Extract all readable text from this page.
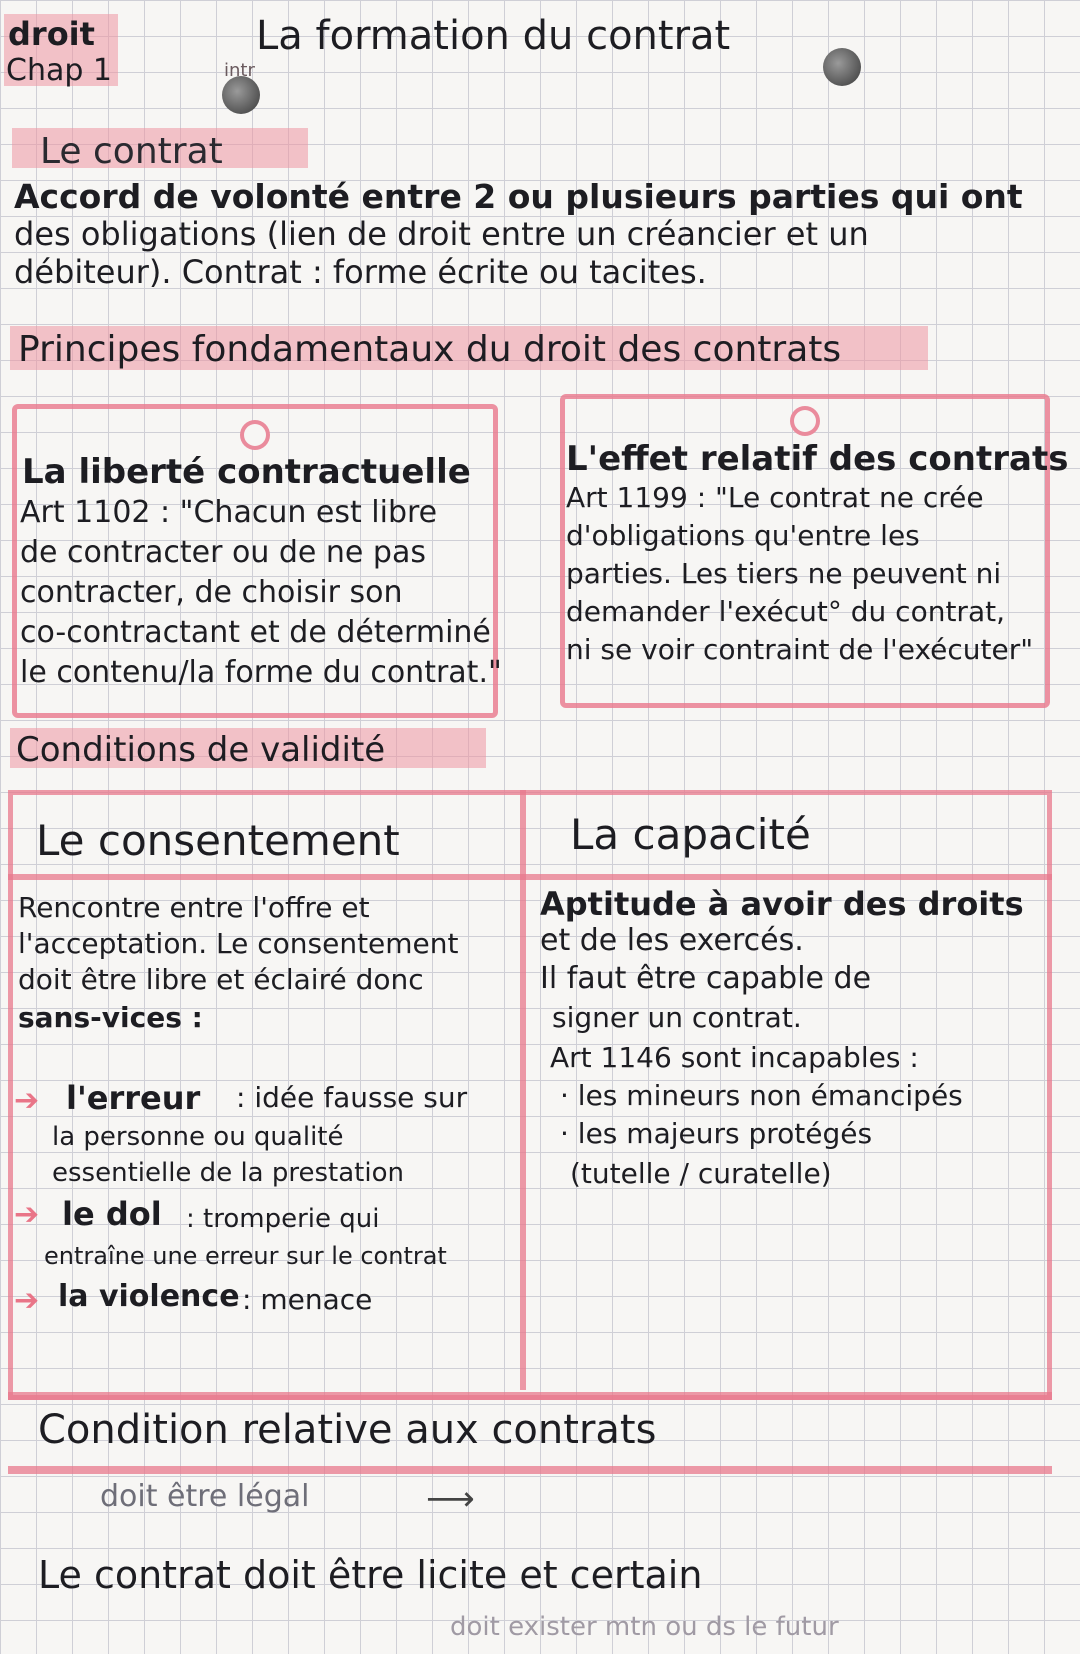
droit
Chap 1
La formation du contrat
intr
Le contrat
Accord de volonté entre 2 ou plusieurs parties qui ont
des obligations (lien de droit entre un créancier et un
débiteur). Contrat : forme écrite ou tacites.
Principes fondamentaux du droit des contrats
La liberté contractuelle
Art 1102 : "Chacun est libre
de contracter ou de ne pas
contracter, de choisir son
co-contractant et de déterminé
le contenu/la forme du contrat."
L'effet relatif des contrats
Art 1199 : "Le contrat ne crée
d'obligations qu'entre les
parties. Les tiers ne peuvent ni
demander l'exécut° du contrat,
ni se voir contraint de l'exécuter"
Conditions de validité
Le consentement	La capacité
Rencontre entre l'offre et
l'acceptation. Le consentement
doit être libre et éclairé donc
sans-vices :
➔ l'erreur : idée fausse sur
la personne ou qualité
essentielle de la prestation
➔ le dol : tromperie qui
entraîne une erreur sur le contrat
➔ la violence : menace
Aptitude à avoir des droits
et de les exercés.
Il faut être capable de
signer un contrat.
Art 1146 sont incapables :
· les mineurs non émancipés
· les majeurs protégés
(tutelle / curatelle)
Condition relative aux contrats
doit être légal	⟶
Le contrat doit être licite et certain
doit exister mtn ou ds le futur
